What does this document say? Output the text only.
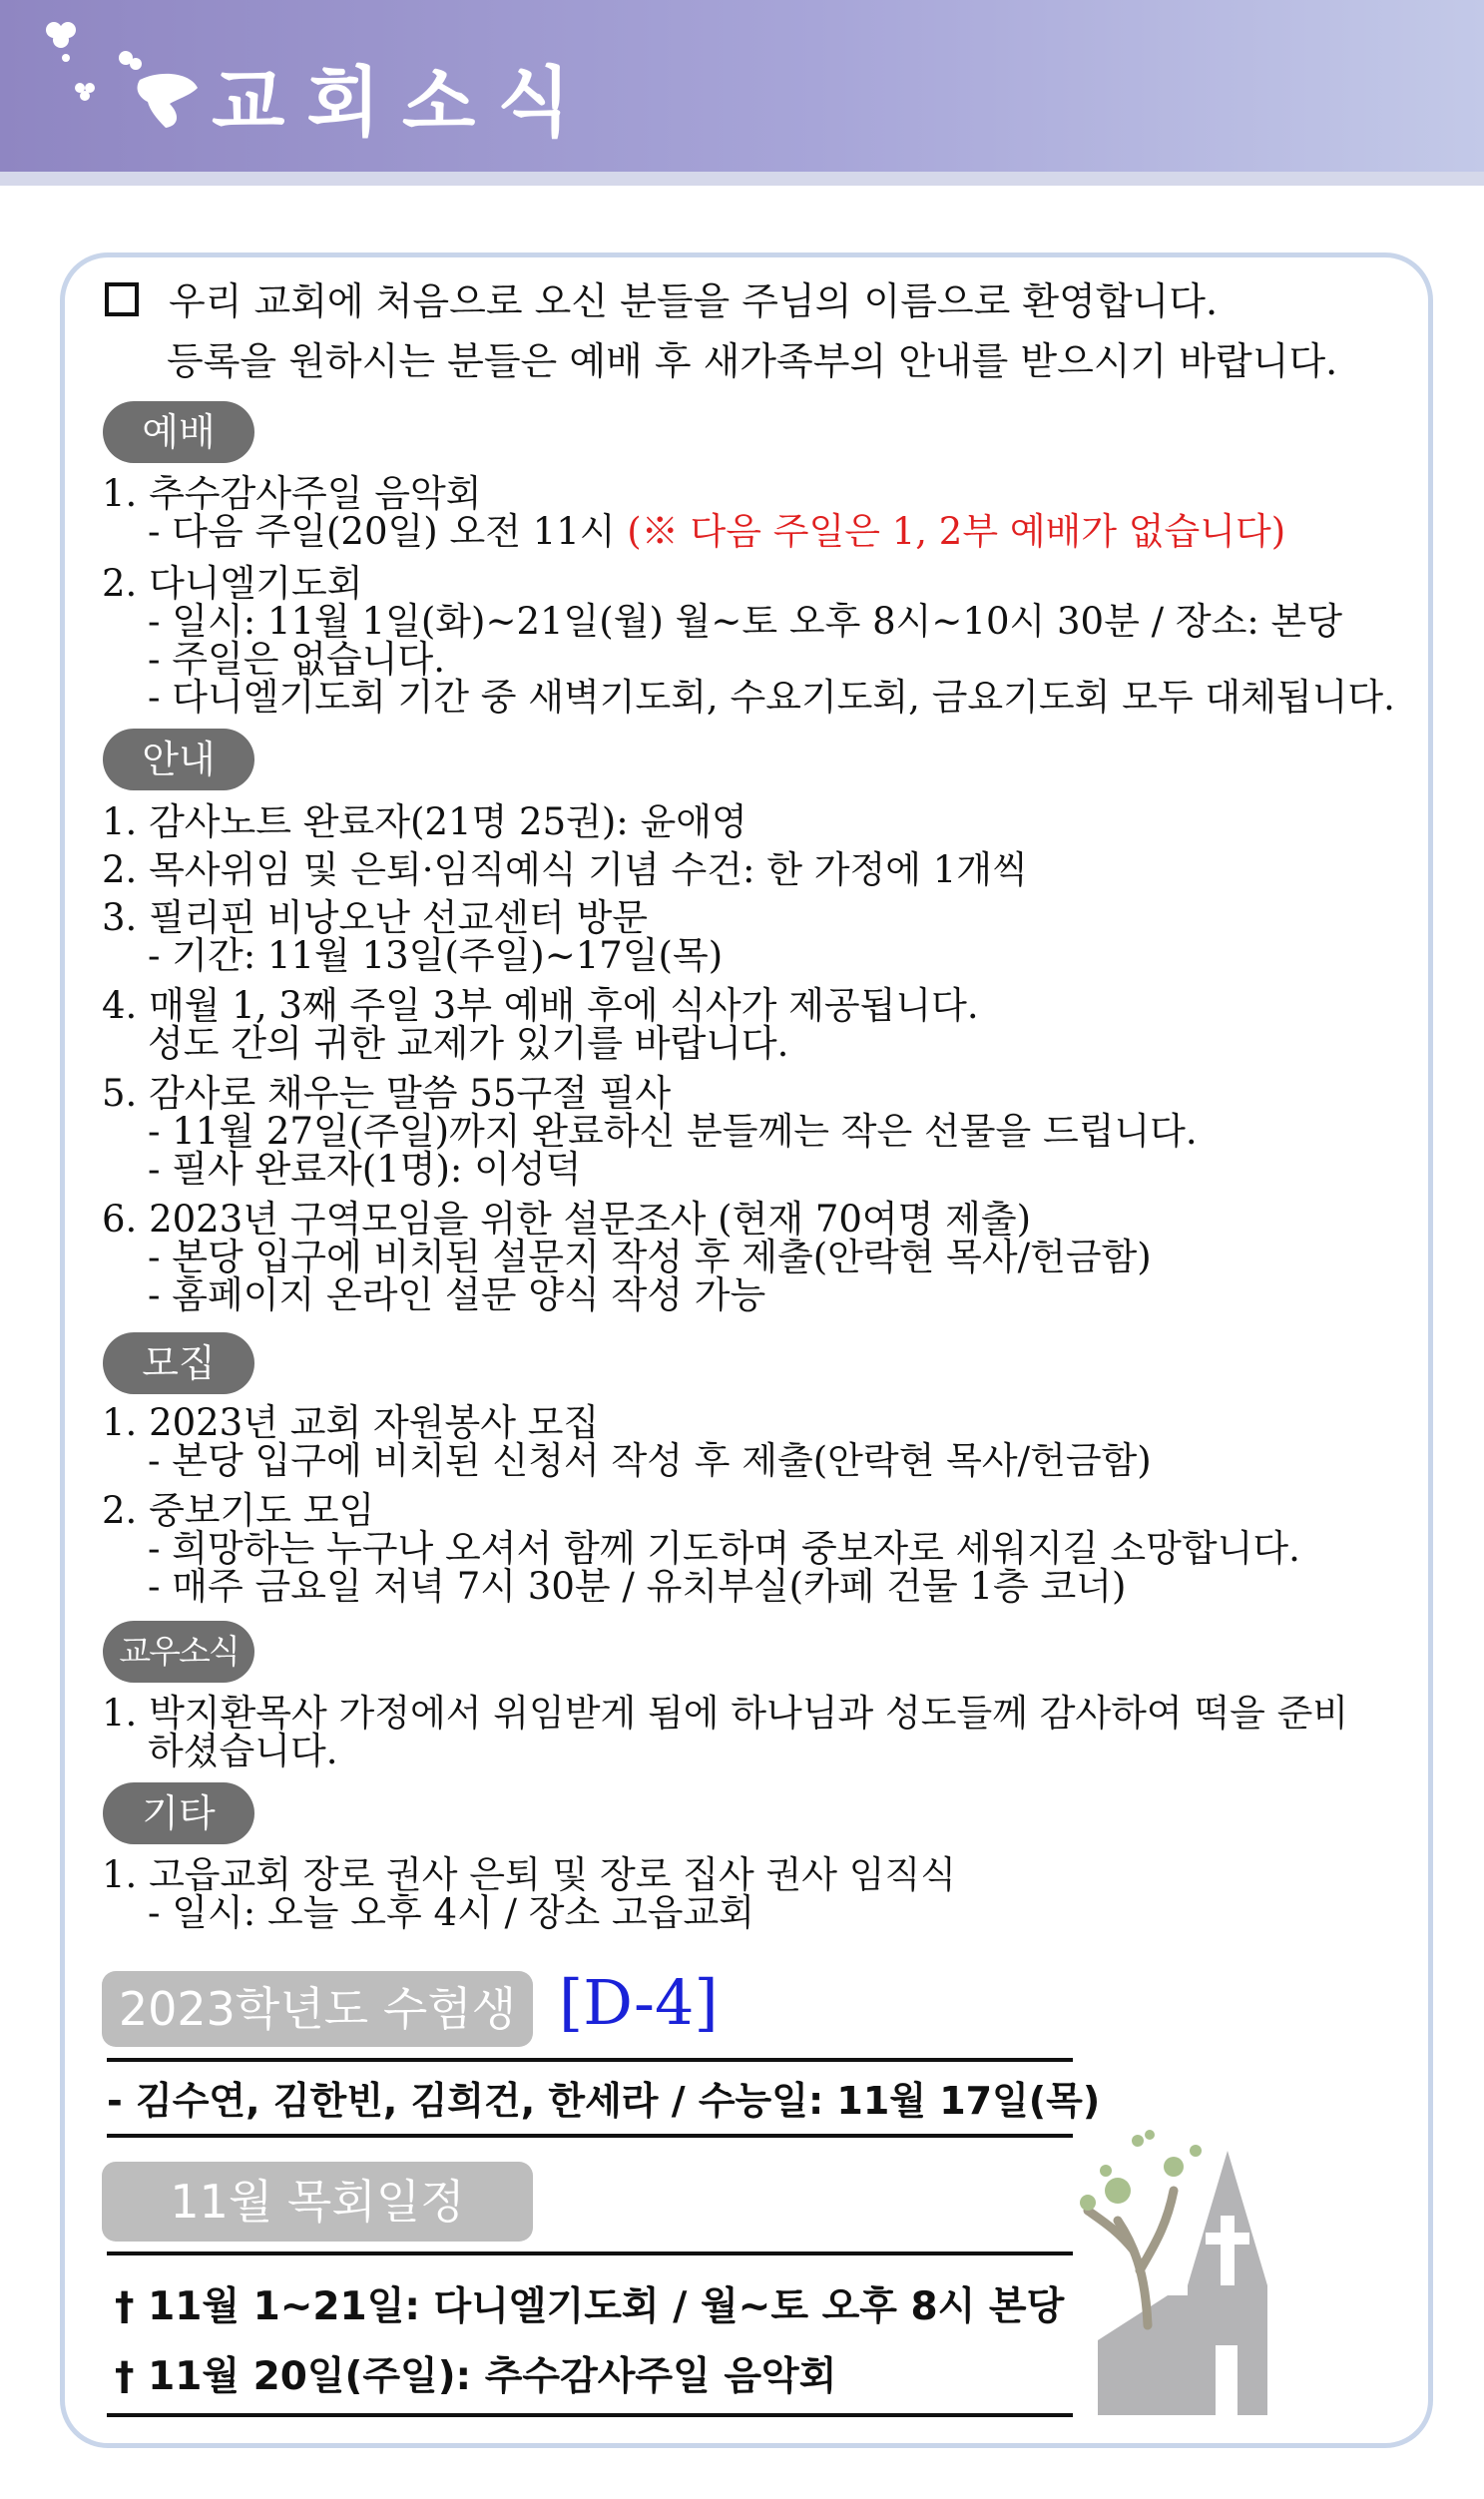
교회소식
우리 교회에 처음으로 오신 분들을 주님의 이름으로 환영합니다.
등록을 원하시는 분들은 예배 후 새가족부의 안내를 받으시기 바랍니다.
예배
1. 추수감사주일 음악회
- 다음 주일(20일) 오전 11시 (※ 다음 주일은 1, 2부 예배가 없습니다)
2. 다니엘기도회
- 일시: 11월 1일(화)~21일(월) 월~토 오후 8시~10시 30분 / 장소: 본당
- 주일은 없습니다.
- 다니엘기도회 기간 중 새벽기도회, 수요기도회, 금요기도회 모두 대체됩니다.
안내
1. 감사노트 완료자(21명 25권): 윤애영
2. 목사위임 및 은퇴·임직예식 기념 수건: 한 가정에 1개씩
3. 필리핀 비낭오난 선교센터 방문
- 기간: 11월 13일(주일)~17일(목)
4. 매월 1, 3째 주일 3부 예배 후에 식사가 제공됩니다.
성도 간의 귀한 교제가 있기를 바랍니다.
5. 감사로 채우는 말씀 55구절 필사
- 11월 27일(주일)까지 완료하신 분들께는 작은 선물을 드립니다.
- 필사 완료자(1명): 이성덕
6. 2023년 구역모임을 위한 설문조사 (현재 70여명 제출)
- 본당 입구에 비치된 설문지 작성 후 제출(안락현 목사/헌금함)
- 홈페이지 온라인 설문 양식 작성 가능
모집
1. 2023년 교회 자원봉사 모집
- 본당 입구에 비치된 신청서 작성 후 제출(안락현 목사/헌금함)
2. 중보기도 모임
- 희망하는 누구나 오셔서 함께 기도하며 중보자로 세워지길 소망합니다.
- 매주 금요일 저녁 7시 30분 / 유치부실(카페 건물 1층 코너)
교우소식
1. 박지환목사 가정에서 위임받게 됨에 하나님과 성도들께 감사하여 떡을 준비
하셨습니다.
기타
1. 고읍교회 장로 권사 은퇴 및 장로 집사 권사 임직식
- 일시: 오늘 오후 4시 / 장소 고읍교회
2023학년도 수험생 [D-4]
- 김수연, 김한빈, 김희건, 한세라 / 수능일: 11월 17일(목)
11월 목회일정
† 11월 1~21일: 다니엘기도회 / 월~토 오후 8시 본당
† 11월 20일(주일): 추수감사주일 음악회
